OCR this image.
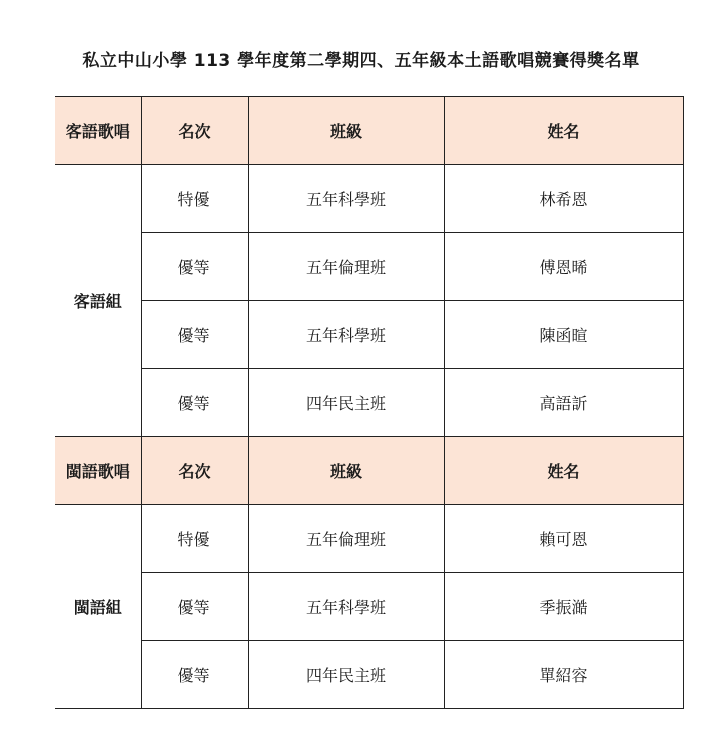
私立中山小學 113 學年度第二學期四、五年級本土語歌唱競賽得獎名單
客語歌唱	名次	班級	姓名
客語組	特優	五年科學班	林希恩
	優等	五年倫理班	傅恩晞
	優等	五年科學班	陳函暄
	優等	四年民主班	高語訢
閩語歌唱	名次	班級	姓名
閩語組	特優	五年倫理班	賴可恩
	優等	五年科學班	季振澔
	優等	四年民主班	單紹容
